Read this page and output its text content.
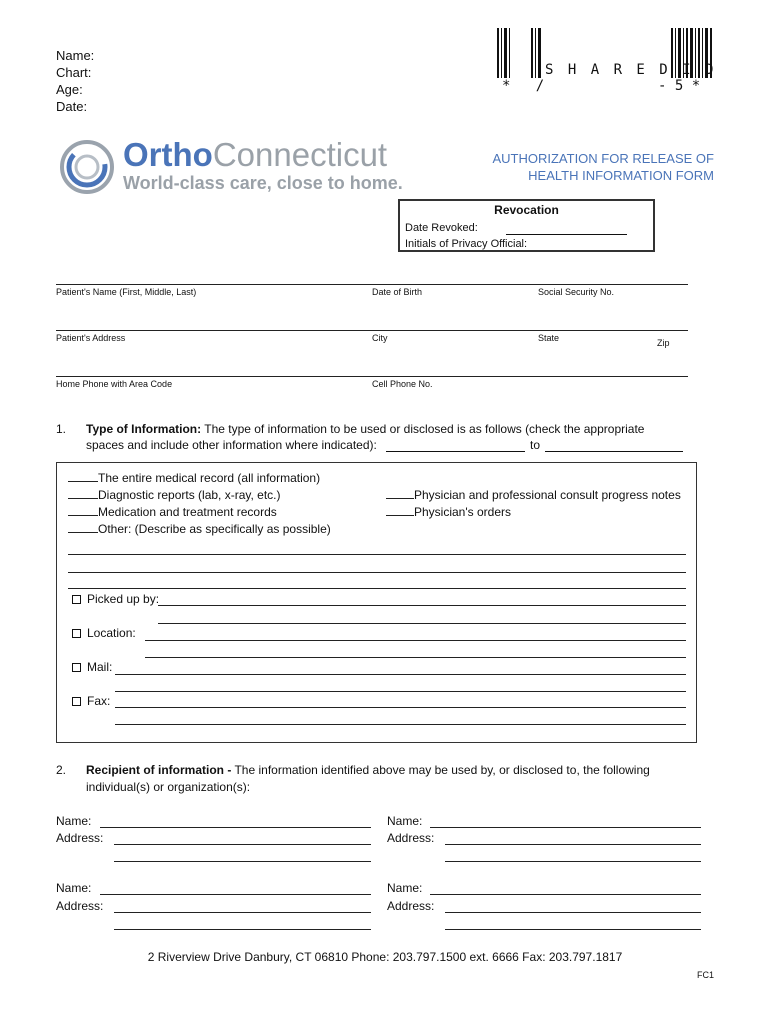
Name:
Chart:
Age:
Date:
S H A R E D I D
*   /	- 5 *
OrthoConnecticut
World-class care, close to home.
AUTHORIZATION FOR RELEASE OF
HEALTH INFORMATION FORM
Revocation
Date Revoked:
Initials of Privacy Official:
Patient's Name (First, Middle, Last)	Date of Birth	Social Security No.
Patient's Address	City	State	Zip
Home Phone with Area Code	Cell Phone No.
1. Type of Information: The type of information to be used or disclosed is as follows (check the appropriate
spaces and include other information where indicated):	to
The entire medical record (all information)
Diagnostic reports (lab, x-ray, etc.)
Medication and treatment records
Other: (Describe as specifically as possible)
Physician and professional consult progress notes
Physician's orders
Picked up by:
Location:
Mail:
Fax:
2. Recipient of information - The information identified above may be used by, or disclosed to, the following
individual(s) or organization(s):
Name:
Address:
Name:
Address:
Name:
Address:
Name:
Address:
2 Riverview Drive Danbury, CT 06810 Phone: 203.797.1500 ext. 6666 Fax: 203.797.1817
FC1
